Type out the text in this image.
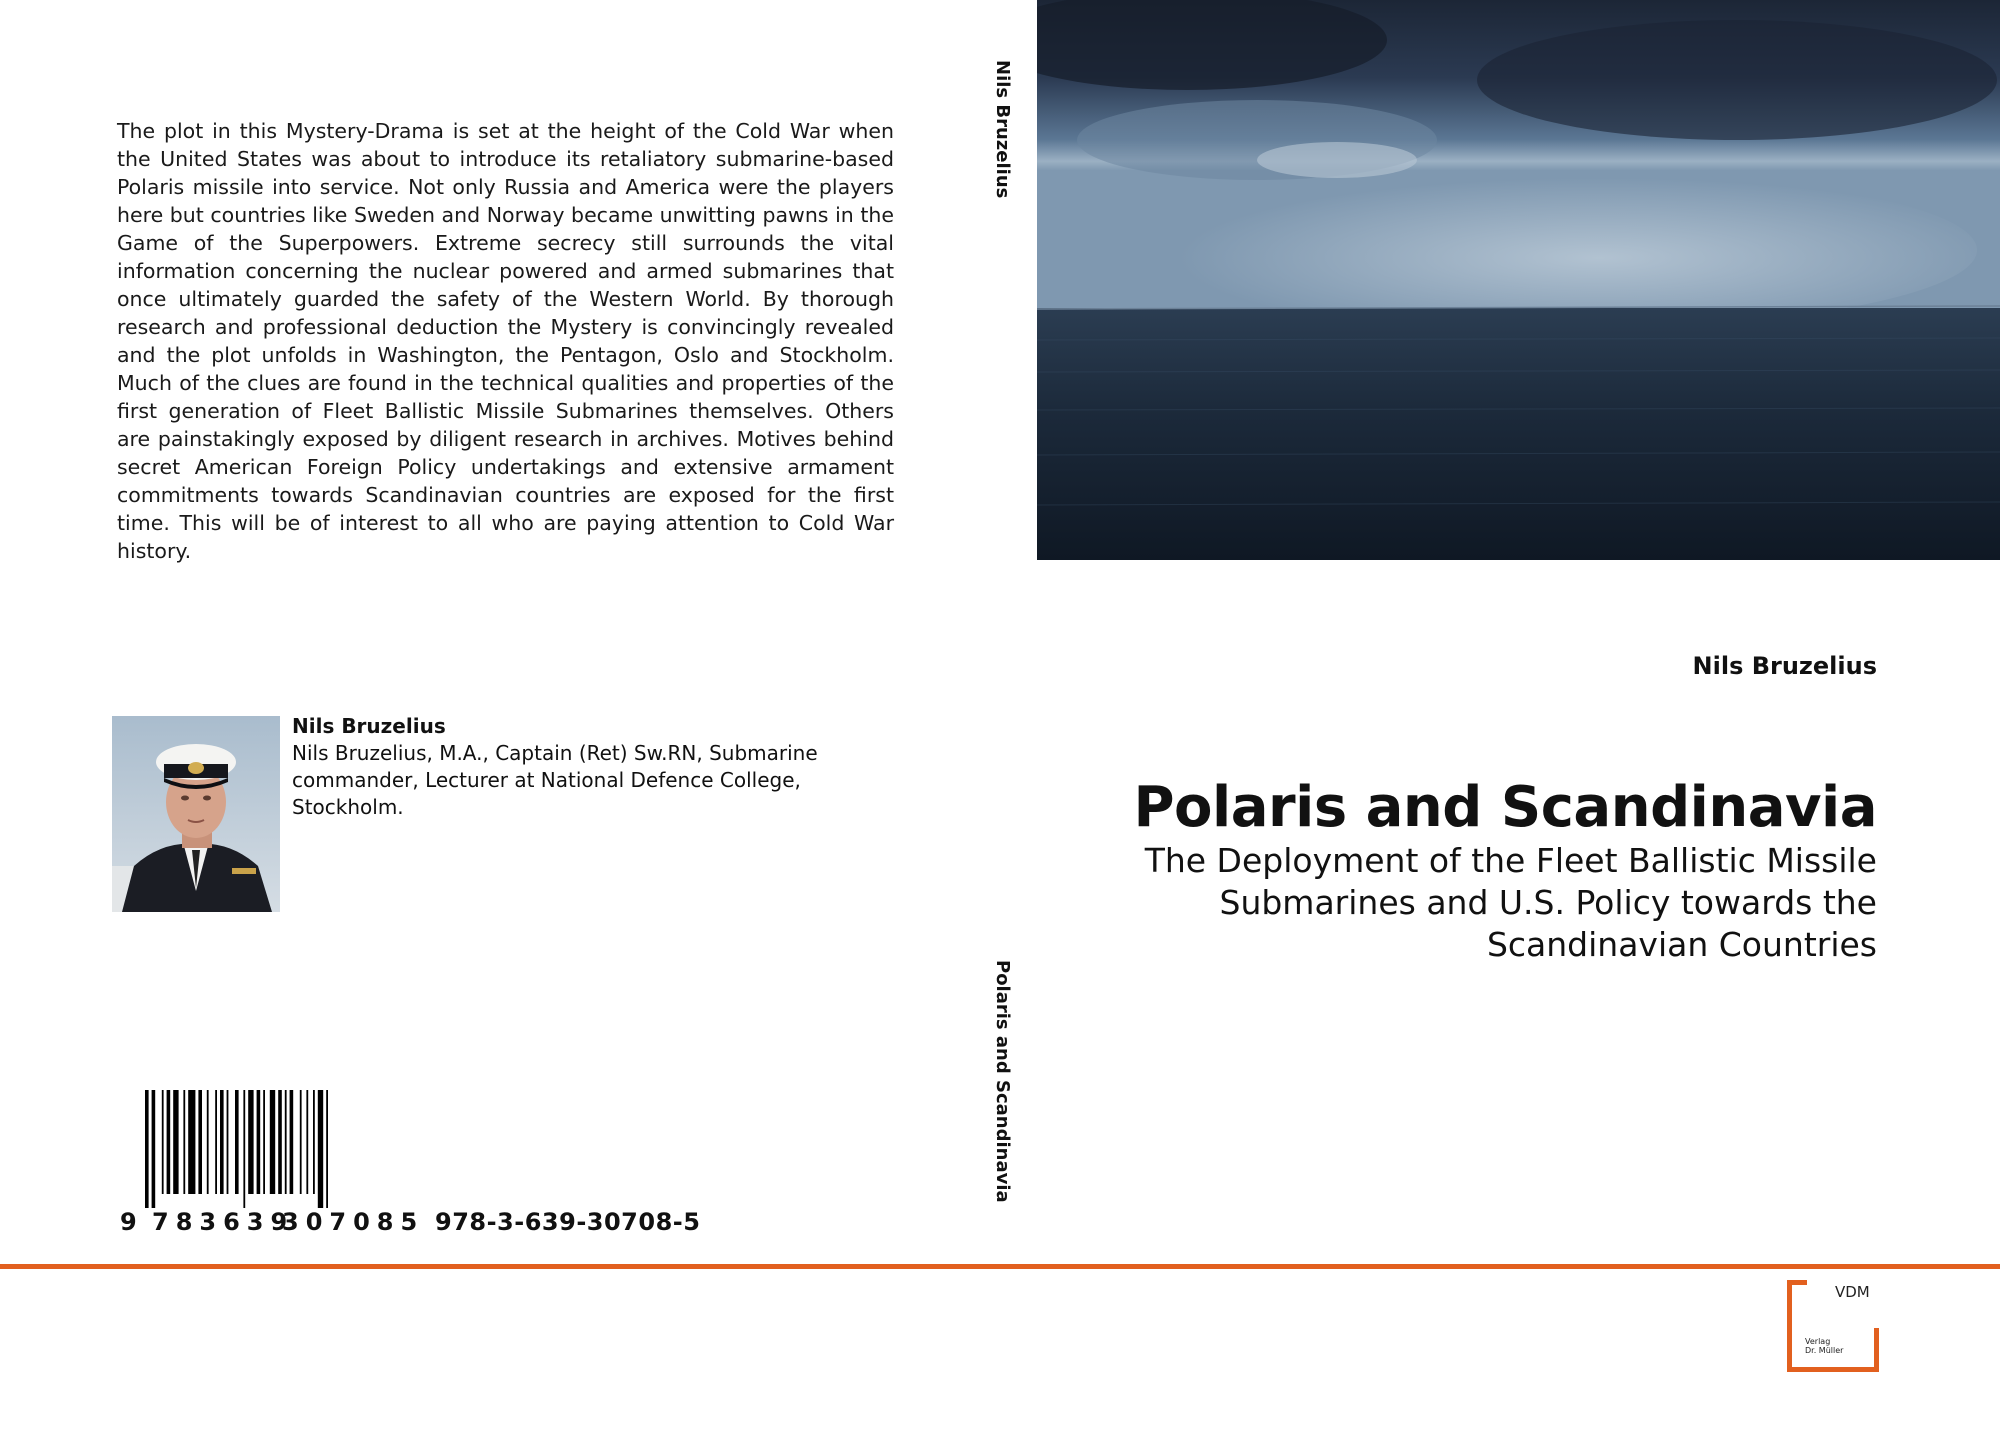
The plot in this Mystery-Drama is set at the height of the Cold War when the United States was about to introduce its retaliatory submarine-based Polaris missile into service. Not only Russia and America were the players here but countries like Sweden and Norway became unwitting pawns in the Game of the Superpowers. Extreme secrecy still surrounds the vital information concerning the nuclear powered and armed submarines that once ultimately guarded the safety of the Western World. By thorough research and professional deduction the Mystery is convincingly revealed and the plot unfolds in Washington, the Pentagon, Oslo and Stockholm. Much of the clues are found in the technical qualities and properties of the first generation of Fleet Ballistic Missile Submarines themselves. Others are painstakingly exposed by diligent research in archives. Motives behind secret American Foreign Policy undertakings and extensive armament commitments towards Scandinavian countries are exposed for the first time. This will be of interest to all who are paying attention to Cold War history.
Nils Bruzelius
Nils Bruzelius, M.A., Captain (Ret) Sw.RN, Submarine commander, Lecturer at National Defence College, Stockholm.
9 783639
307085 978-3-639-30708-5
Nils Bruzelius
Polaris and Scandinavia
Nils Bruzelius
Polaris and Scandinavia
The Deployment of the Fleet Ballistic Missile Submarines and U.S. Policy towards the Scandinavian Countries
VDM
Verlag
Dr. Müller
